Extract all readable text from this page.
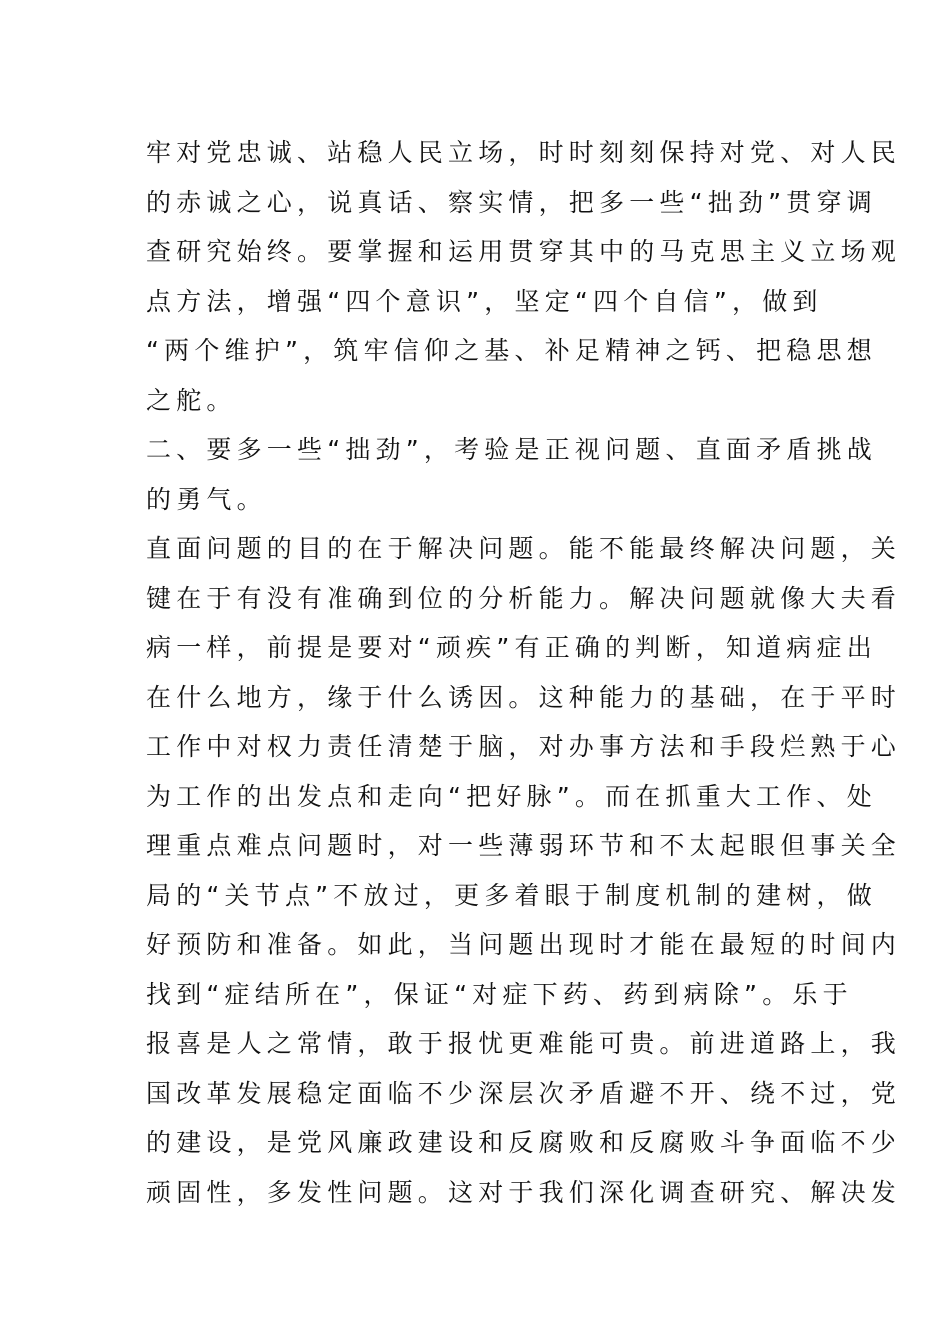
牢对党忠诚、站稳人民立场，时时刻刻保持对党、对人民
的赤诚之心，说真话、察实情，把多一些“拙劲”贯穿调
查研究始终。要掌握和运用贯穿其中的马克思主义立场观
点方法，增强“四个意识”，坚定“四个自信”，做到
“两个维护”，筑牢信仰之基、补足精神之钙、把稳思想
之舵。
二、要多一些“拙劲”，考验是正视问题、直面矛盾挑战
的勇气。
直面问题的目的在于解决问题。能不能最终解决问题，关
键在于有没有准确到位的分析能力。解决问题就像大夫看
病一样，前提是要对“顽疾”有正确的判断，知道病症出
在什么地方，缘于什么诱因。这种能力的基础，在于平时
工作中对权力责任清楚于脑，对办事方法和手段烂熟于心
为工作的出发点和走向“把好脉”。而在抓重大工作、处
理重点难点问题时，对一些薄弱环节和不太起眼但事关全
局的“关节点”不放过，更多着眼于制度机制的建树，做
好预防和准备。如此，当问题出现时才能在最短的时间内
找到“症结所在”，保证“对症下药、药到病除”。乐于
报喜是人之常情，敢于报忧更难能可贵。前进道路上，我
国改革发展稳定面临不少深层次矛盾避不开、绕不过，党
的建设，是党风廉政建设和反腐败和反腐败斗争面临不少
顽固性，多发性问题。这对于我们深化调查研究、解决发
